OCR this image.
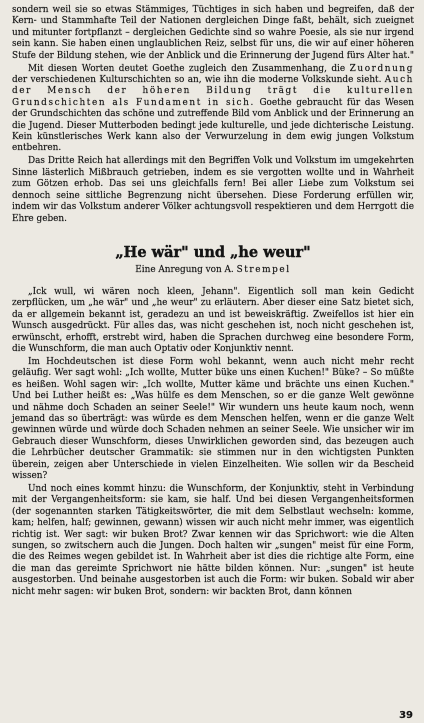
sondern weil sie so etwas Stämmiges, Tüchtiges in sich haben und begreifen, daß der Kern- und Stammhafte Teil der Nationen dergleichen Dinge faßt, behält, sich zueignet und mitunter fortpflanzt – dergleichen Gedichte sind so wahre Poesie, als sie nur irgend sein kann. Sie haben einen unglaublichen Reiz, selbst für uns, die wir auf einer höheren Stufe der Bildung stehen, wie der Anblick und die Erinnerung der Jugend fürs Alter hat."

Mit diesen Worten deutet Goethe zugleich den Zusammenhang, die Zuordnung der verschiedenen Kulturschichten so an, wie ihn die moderne Volkskunde sieht. Auch der Mensch der höheren Bildung trägt die kulturellen Grundschichten als Fundament in sich. Goethe gebraucht für das Wesen der Grundschichten das schöne und zutreffende Bild vom Anblick und der Erinnerung an die Jugend. Dieser Mutterboden bedingt jede kulturelle, und jede dichterische Leistung. Kein künstlerisches Werk kann also der Verwurzelung in dem ewig jungen Volkstum entbehren.

Das Dritte Reich hat allerdings mit den Begriffen Volk und Volkstum im umgekehrten Sinne lästerlich Mißbrauch getrieben, indem es sie vergotten wollte und in Wahrheit zum Götzen erhob. Das sei uns gleichfalls fern! Bei aller Liebe zum Volkstum sei dennoch seine sittliche Begrenzung nicht übersehen. Diese Forderung erfüllen wir, indem wir das Volkstum anderer Völker achtungsvoll respektieren und dem Herrgott die Ehre geben.

„He wär" und „he weur"
Eine Anregung von A. Strempel

„Ick wull, wi wären noch kleen, Jehann". Eigentlich soll man kein Gedicht zerpflücken, um „he wär" und „he weur" zu erläutern. Aber dieser eine Satz bietet sich, da er allgemein bekannt ist, geradezu an und ist beweiskräftig. Zweifellos ist hier ein Wunsch ausgedrückt. Für alles das, was nicht geschehen ist, noch nicht geschehen ist, erwünscht, erhofft, erstrebt wird, haben die Sprachen durchweg eine besondere Form, die Wunschform, die man auch Optativ oder Konjunktiv nennt.

Im Hochdeutschen ist diese Form wohl bekannt, wenn auch nicht mehr recht geläufig. Wer sagt wohl: „Ich wollte, Mutter büke uns einen Kuchen!" Büke? – So müßte es heißen. Wohl sagen wir: „Ich wollte, Mutter käme und brächte uns einen Kuchen." Und bei Luther heißt es: „Was hülfe es dem Menschen, so er die ganze Welt gewönne und nähme doch Schaden an seiner Seele!" Wir wundern uns heute kaum noch, wenn jemand das so überträgt: was würde es dem Menschen helfen, wenn er die ganze Welt gewinnen würde und würde doch Schaden nehmen an seiner Seele. Wie unsicher wir im Gebrauch dieser Wunschform, dieses Unwirklichen geworden sind, das bezeugen auch die Lehrbücher deutscher Grammatik: sie stimmen nur in den wichtigsten Punkten überein, zeigen aber Unterschiede in vielen Einzelheiten. Wie sollen wir da Bescheid wissen?

Und noch eines kommt hinzu: die Wunschform, der Konjunktiv, steht in Verbindung mit der Vergangenheitsform: sie kam, sie half. Und bei diesen Vergangenheitsformen (der sogenannten starken Tätigkeitswörter, die mit dem Selbstlaut wechseln: komme, kam; helfen, half; gewinnen, gewann) wissen wir auch nicht mehr immer, was eigentlich richtig ist. Wer sagt: wir buken Brot? Zwar kennen wir das Sprichwort: wie die Alten sungen, so zwitschern auch die Jungen. Doch halten wir „sungen" meist für eine Form, die des Reimes wegen gebildet ist. In Wahrheit aber ist dies die richtige alte Form, eine die man das gereimte Sprichwort nie hätte bilden können. Nur: „sungen" ist heute ausgestorben. Und beinahe ausgestorben ist auch die Form: wir buken. Sobald wir aber nicht mehr sagen: wir buken Brot, sondern: wir backten Brot, dann können

39
